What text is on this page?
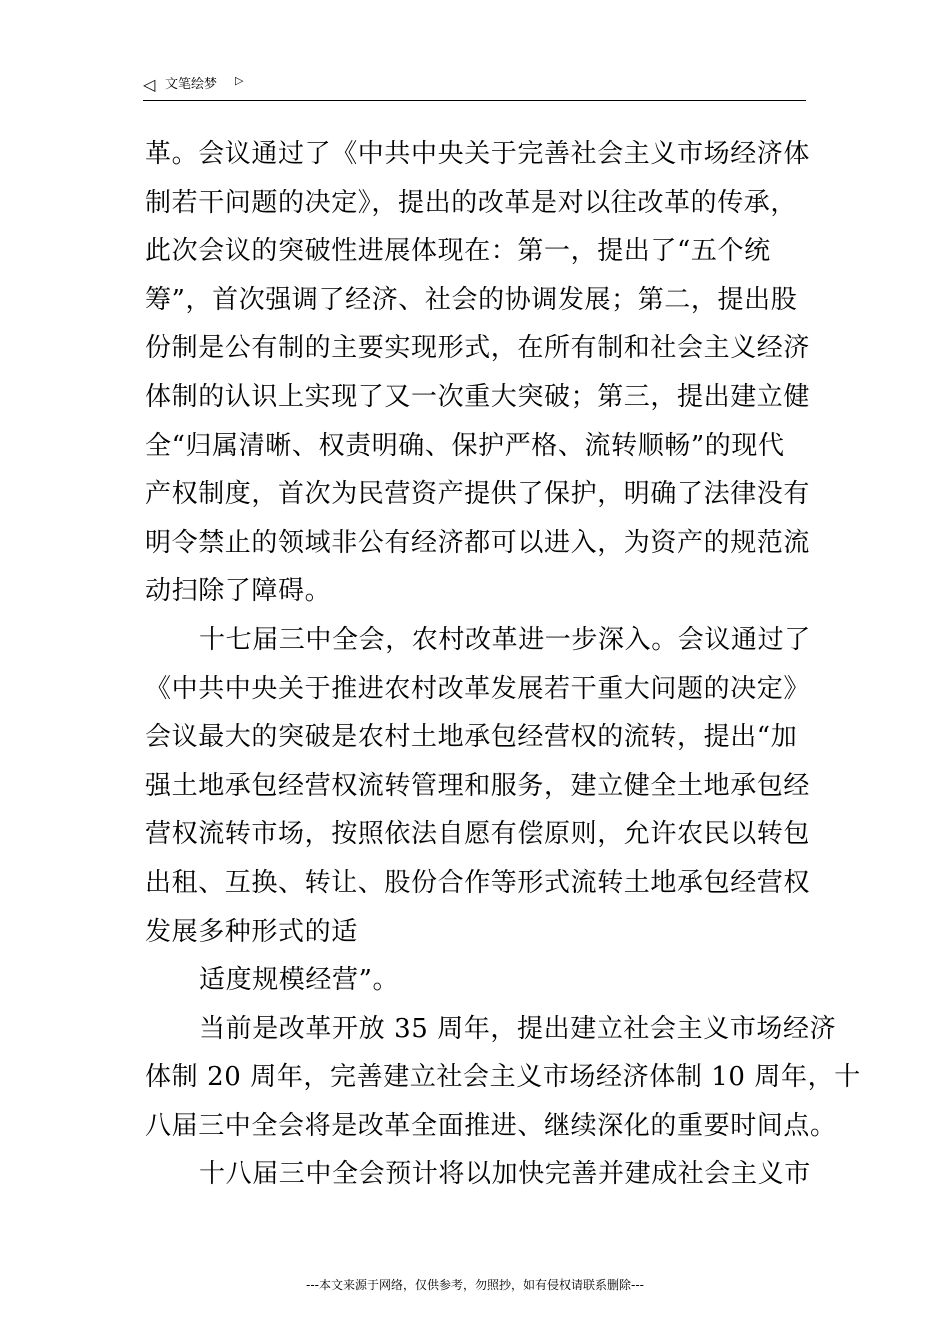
◁ 文笔绘梦 ▷
革。会议通过了《中共中央关于完善社会主义市场经济体
制若干问题的决定》，提出的改革是对以往改革的传承，
此次会议的突破性进展体现在：第一，提出了“五个统
筹”，首次强调了经济、社会的协调发展；第二，提出股
份制是公有制的主要实现形式，在所有制和社会主义经济
体制的认识上实现了又一次重大突破；第三，提出建立健
全“归属清晰、权责明确、保护严格、流转顺畅”的现代
产权制度，首次为民营资产提供了保护，明确了法律没有
明令禁止的领域非公有经济都可以进入，为资产的规范流
动扫除了障碍。
十七届三中全会，农村改革进一步深入。会议通过了
《中共中央关于推进农村改革发展若干重大问题的决定》
会议最大的突破是农村土地承包经营权的流转，提出“加
强土地承包经营权流转管理和服务，建立健全土地承包经
营权流转市场，按照依法自愿有偿原则，允许农民以转包
出租、互换、转让、股份合作等形式流转土地承包经营权
发展多种形式的适
适度规模经营”。
当前是改革开放 35 周年，提出建立社会主义市场经济
体制 20 周年，完善建立社会主义市场经济体制 10 周年，十
八届三中全会将是改革全面推进、继续深化的重要时间点。
十八届三中全会预计将以加快完善并建成社会主义市
---本文来源于网络，仅供参考，勿照抄，如有侵权请联系删除---
